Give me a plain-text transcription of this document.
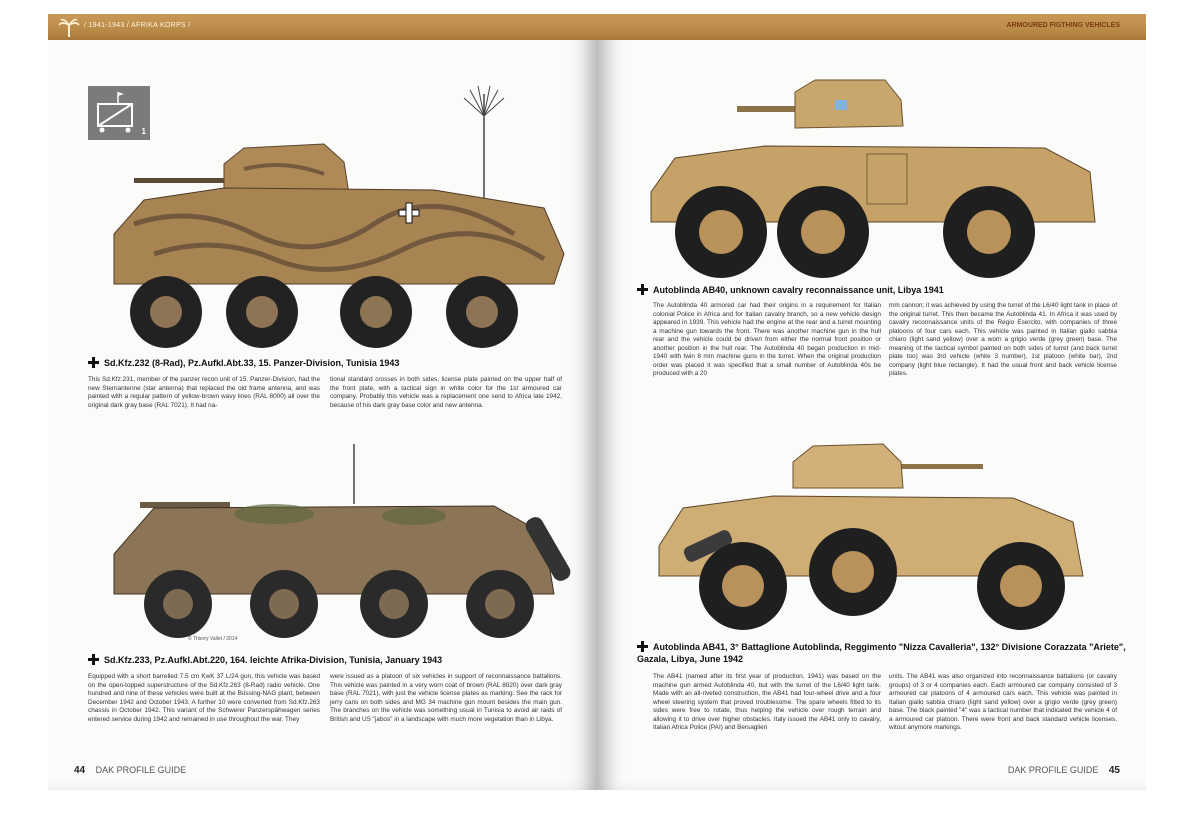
/ 1941-1943 / AFRIKA KORPS /
1
Sd.Kfz.232 (8-Rad), Pz.Aufkl.Abt.33, 15. Panzer-Division, Tunisia 1943
This Sd.Kfz.231, member of the panzer recon unit of 15. Panzer-Division, had the new Sternantenne (star antenna) that replaced the old frame antenna, and was painted with a regular pattern of yellow-brown wavy lines (RAL 8000) all over the original dark gray base (RAL 7021). It had na-
tional standard crosses in both sides, license plate painted on the upper half of the front plate, with a tactical sign in white color for the 1st armoured car company. Probably this vehicle was a replacement one send to Africa late 1942, because of his dark gray base color and new antenna.
© Thierry Vallet / 2014
Sd.Kfz.233, Pz.Aufkl.Abt.220, 164. leichte Afrika-Division, Tunisia, January 1943
Equipped with a short barrelled 7.5 cm KwK 37 L/24 gun, this vehicle was based on the open-topped superstructure of the Sd.Kfz.263 (8-Rad) radio vehicle. One hundred and nine of these vehicles were built at the Büssing-NAG plant, between December 1942 and October 1943. A further 10 were converted from Sd.Kfz.263 chassis in October 1942. This variant of the Schwerer Panzerspähwagen series entered service during 1942 and remained in use throughout the war. They
were issued as a platoon of six vehicles in support of reconnaissance battalions. This vehicle was painted in a very worn coat of brown (RAL 8020) over dark gray base (RAL 7021), with just the vehicle license plates as marking. See the rack for jerry cans on both sides and MG 34 machine gun mount besides the main gun. The branches on the vehicle was something usual in Tunisia to avoid air raids of British and US "jabos" in a landscape with much more vegetation than in Libya.
44 DAK PROFILE GUIDE
ARMOURED FIGTHING VEHICLES
Autoblinda AB40, unknown cavalry reconnaissance unit, Libya 1941
The Autoblinda 40 armored car had their origins in a requirement for Italian colonial Police in Africa and for Italian cavalry branch, so a new vehicle design appeared in 1939. This vehicle had the engine at the rear and a turret mounting a machine gun towards the front. There was another machine gun in the hull rear and the vehicle could be driven from either the normal front position or another position in the hull rear. The Autoblinda 40 began production in mid-1940 with twin 8 mm machine guns in the turret. When the original production order was placed it was specified that a small number of Autoblinda 40s be produced with a 20
mm cannon; it was achieved by using the turret of the L6/40 light tank in place of the original turret. This then became the Autoblinda 41. In Africa it was used by cavalry reconnaissance units of the Regio Esercito, with companies of three platoons of four cars each. This vehicle was painted in Italian giallo sabbia chiaro (light sand yellow) over a worn a grigio verde (grey green) base. The meaning of the tactical symbol painted on both sides of turret (and back turret plate too) was 3rd vehicle (white 3 number), 1st platoon (white bar), 2nd company (light blue rectangle). It had the usual front and back vehicle license plates.
Autoblinda AB41, 3° Battaglione Autoblinda, Reggimento "Nizza Cavalleria", 132° Divisione Corazzata "Ariete", Gazala, Libya, June 1942
The AB41 (named after its first year of production, 1941) was based on the machine gun armed Autoblinda 40, but with the turret of the L6/40 light tank. Made with an all-riveted construction, the AB41 had four-wheel drive and a four wheel steering system that proved troublesome. The spare wheels fitted to its sides were free to rotate, thus helping the vehicle over rough terrain and allowing it to drive over higher obstacles. Italy issued the AB41 only to cavalry, Italian Africa Police (PAI) and Bersaglieri
units. The AB41 was also organized into reconnaissance battalions (or cavalry groups) of 3 or 4 companies each. Each armoured car company consisted of 3 armoured car platoons of 4 armoured cars each. This vehicle was painted in Italian giallo sabbia chiaro (light sand yellow) over a grigio verde (grey green) base. The black painted "4" was a tactical number that indicated the vehicle 4 of a armoured car platoon. There were front and back standard vehicle licenses, witout anymore markings.
DAK PROFILE GUIDE 45
